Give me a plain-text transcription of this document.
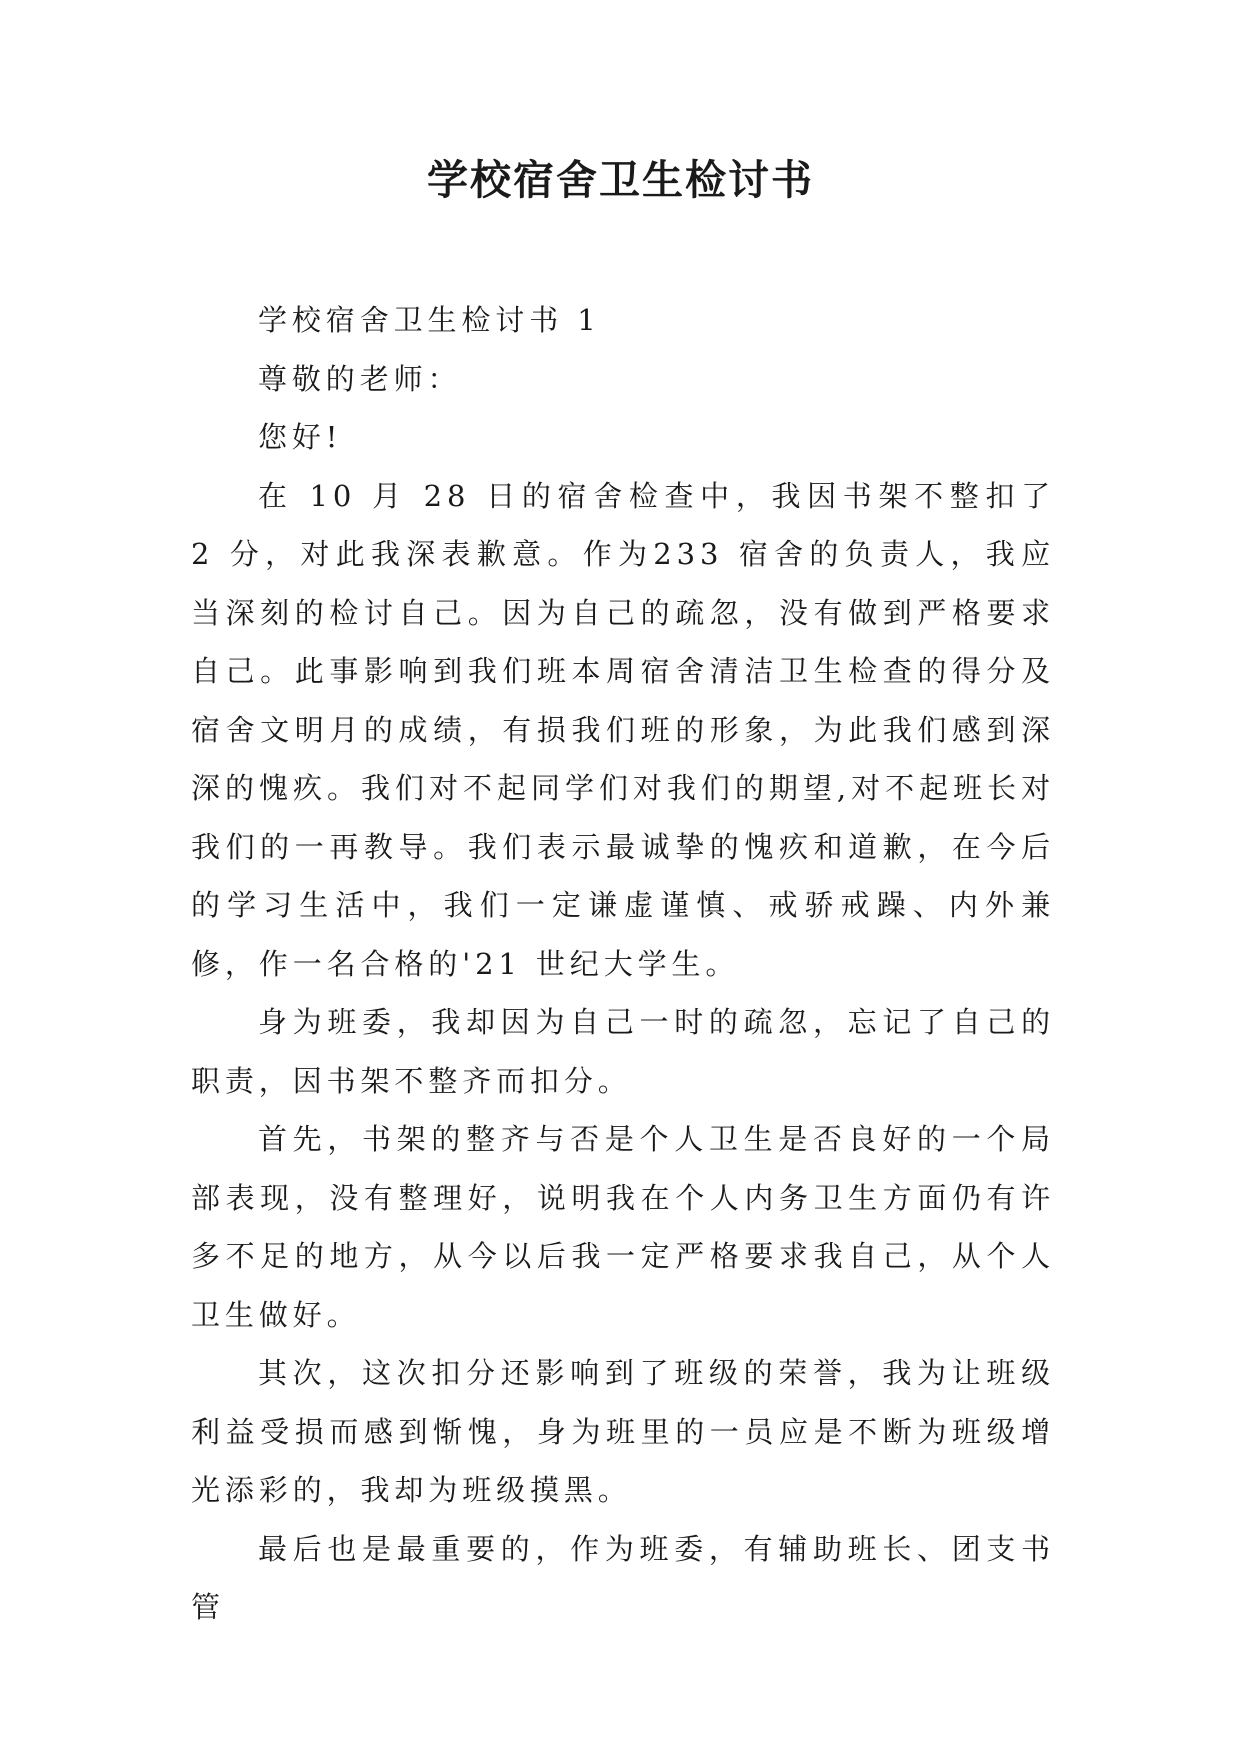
学校宿舍卫生检讨书

学校宿舍卫生检讨书 1

尊敬的老师：

您好!

在 10 月 28 日的宿舍检查中，我因书架不整扣了 2 分，对此我深表歉意。作为233 宿舍的负责人，我应当深刻的检讨自己。因为自己的疏忽，没有做到严格要求自己。此事影响到我们班本周宿舍清洁卫生检查的得分及宿舍文明月的成绩，有损我们班的形象，为此我们感到深深的愧疚。我们对不起同学们对我们的期望,对不起班长对我们的一再教导。我们表示最诚挚的愧疚和道歉，在今后的学习生活中，我们一定谦虚谨慎、戒骄戒躁、内外兼修，作一名合格的'21 世纪大学生。

身为班委，我却因为自己一时的疏忽，忘记了自己的职责，因书架不整齐而扣分。

首先，书架的整齐与否是个人卫生是否良好的一个局部表现，没有整理好，说明我在个人内务卫生方面仍有许多不足的地方，从今以后我一定严格要求我自己，从个人卫生做好。

其次，这次扣分还影响到了班级的荣誉，我为让班级利益受损而感到惭愧，身为班里的一员应是不断为班级增光添彩的，我却为班级摸黑。

最后也是最重要的，作为班委，有辅助班长、团支书管
